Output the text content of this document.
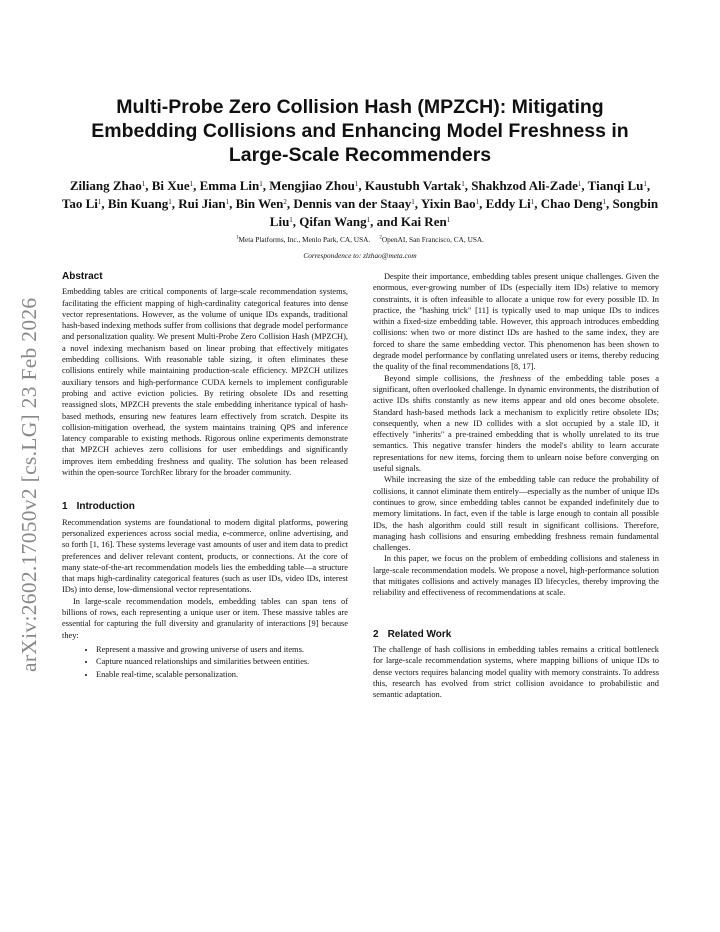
arXiv:2602.17050v2 [cs.LG] 23 Feb 2026
Multi-Probe Zero Collision Hash (MPZCH): Mitigating
Embedding Collisions and Enhancing Model Freshness in
Large-Scale Recommenders
Ziliang Zhao$^1$, Bi Xue$^1$, Emma Lin$^1$, Mengjiao Zhou$^1$, Kaustubh Vartak$^1$, Shakhzod Ali-Zade$^1$, Tianqi Lu$^1$, Tao Li$^1$, Bin Kuang$^1$, Rui Jian$^1$, Bin Wen$^2$, Dennis van der Staay$^1$, Yixin Bao$^1$, Eddy Li$^1$, Chao Deng$^1$, Songbin Liu$^1$, Qifan Wang$^1$, and Kai Ren$^1$
$^1$Meta Platforms, Inc., Menlo Park, CA, USA. $^2$OpenAI, San Francisco, CA, USA.
Correspondence to: zlzhao@meta.com
Abstract

Embedding tables are critical components of large-scale recommendation systems, facilitating the efficient mapping of high-cardinality categorical features into dense vector representations. However, as the volume of unique IDs expands, traditional hash-based indexing methods suffer from collisions that degrade model performance and personalization quality. We present Multi-Probe Zero Collision Hash (MPZCH), a novel indexing mechanism based on linear probing that effectively mitigates embedding collisions. With reasonable table sizing, it often eliminates these collisions entirely while maintaining production-scale efficiency. MPZCH utilizes auxiliary tensors and high-performance CUDA kernels to implement configurable probing and active eviction policies. By retiring obsolete IDs and resetting reassigned slots, MPZCH prevents the stale embedding inheritance typical of hash-based methods, ensuring new features learn effectively from scratch. Despite its collision-mitigation overhead, the system maintains training QPS and inference latency comparable to existing methods. Rigorous online experiments demonstrate that MPZCH achieves zero collisions for user embeddings and significantly improves item embedding freshness and quality. The solution has been released within the open-source TorchRec library for the broader community.

1 Introduction

Recommendation systems are foundational to modern digital platforms, powering personalized experiences across social media, e-commerce, online advertising, and so forth [1, 16]. These systems leverage vast amounts of user and item data to predict preferences and deliver relevant content, products, or connections. At the core of many state-of-the-art recommendation models lies the embedding table—a structure that maps high-cardinality categorical features (such as user IDs, video IDs, interest IDs) into dense, low-dimensional vector representations.

In large-scale recommendation models, embedding tables can span tens of billions of rows, each representing a unique user or item. These massive tables are essential for capturing the full diversity and granularity of interactions [9] because they:

• Represent a massive and growing universe of users and items.
• Capture nuanced relationships and similarities between entities.
• Enable real-time, scalable personalization.

Despite their importance, embedding tables present unique challenges. Given the enormous, ever-growing number of IDs (especially item IDs) relative to memory constraints, it is often infeasible to allocate a unique row for every possible ID. In practice, the "hashing trick" [11] is typically used to map unique IDs to indices within a fixed-size embedding table. However, this approach introduces embedding collisions: when two or more distinct IDs are hashed to the same index, they are forced to share the same embedding vector. This phenomenon has been shown to degrade model performance by conflating unrelated users or items, thereby reducing the quality of the final recommendations [8, 17].

Beyond simple collisions, the freshness of the embedding table poses a significant, often overlooked challenge. In dynamic environments, the distribution of active IDs shifts constantly as new items appear and old ones become obsolete. Standard hash-based methods lack a mechanism to explicitly retire obsolete IDs; consequently, when a new ID collides with a slot occupied by a stale ID, it effectively "inherits" a pre-trained embedding that is wholly unrelated to its true semantics. This negative transfer hinders the model's ability to learn accurate representations for new items, forcing them to unlearn noise before converging on useful signals.

While increasing the size of the embedding table can reduce the probability of collisions, it cannot eliminate them entirely—especially as the number of unique IDs continues to grow, since embedding tables cannot be expanded indefinitely due to memory limitations. In fact, even if the table is large enough to contain all possible IDs, the hash algorithm could still result in significant collisions. Therefore, managing hash collisions and ensuring embedding freshness remain fundamental challenges.

In this paper, we focus on the problem of embedding collisions and staleness in large-scale recommendation models. We propose a novel, high-performance solution that mitigates collisions and actively manages ID lifecycles, thereby improving the reliability and effectiveness of recommendations at scale.

2 Related Work

The challenge of hash collisions in embedding tables remains a critical bottleneck for large-scale recommendation systems, where mapping billions of unique IDs to dense vectors requires balancing model quality with memory constraints. To address this, research has evolved from strict collision avoidance to probabilistic and semantic adaptation.
